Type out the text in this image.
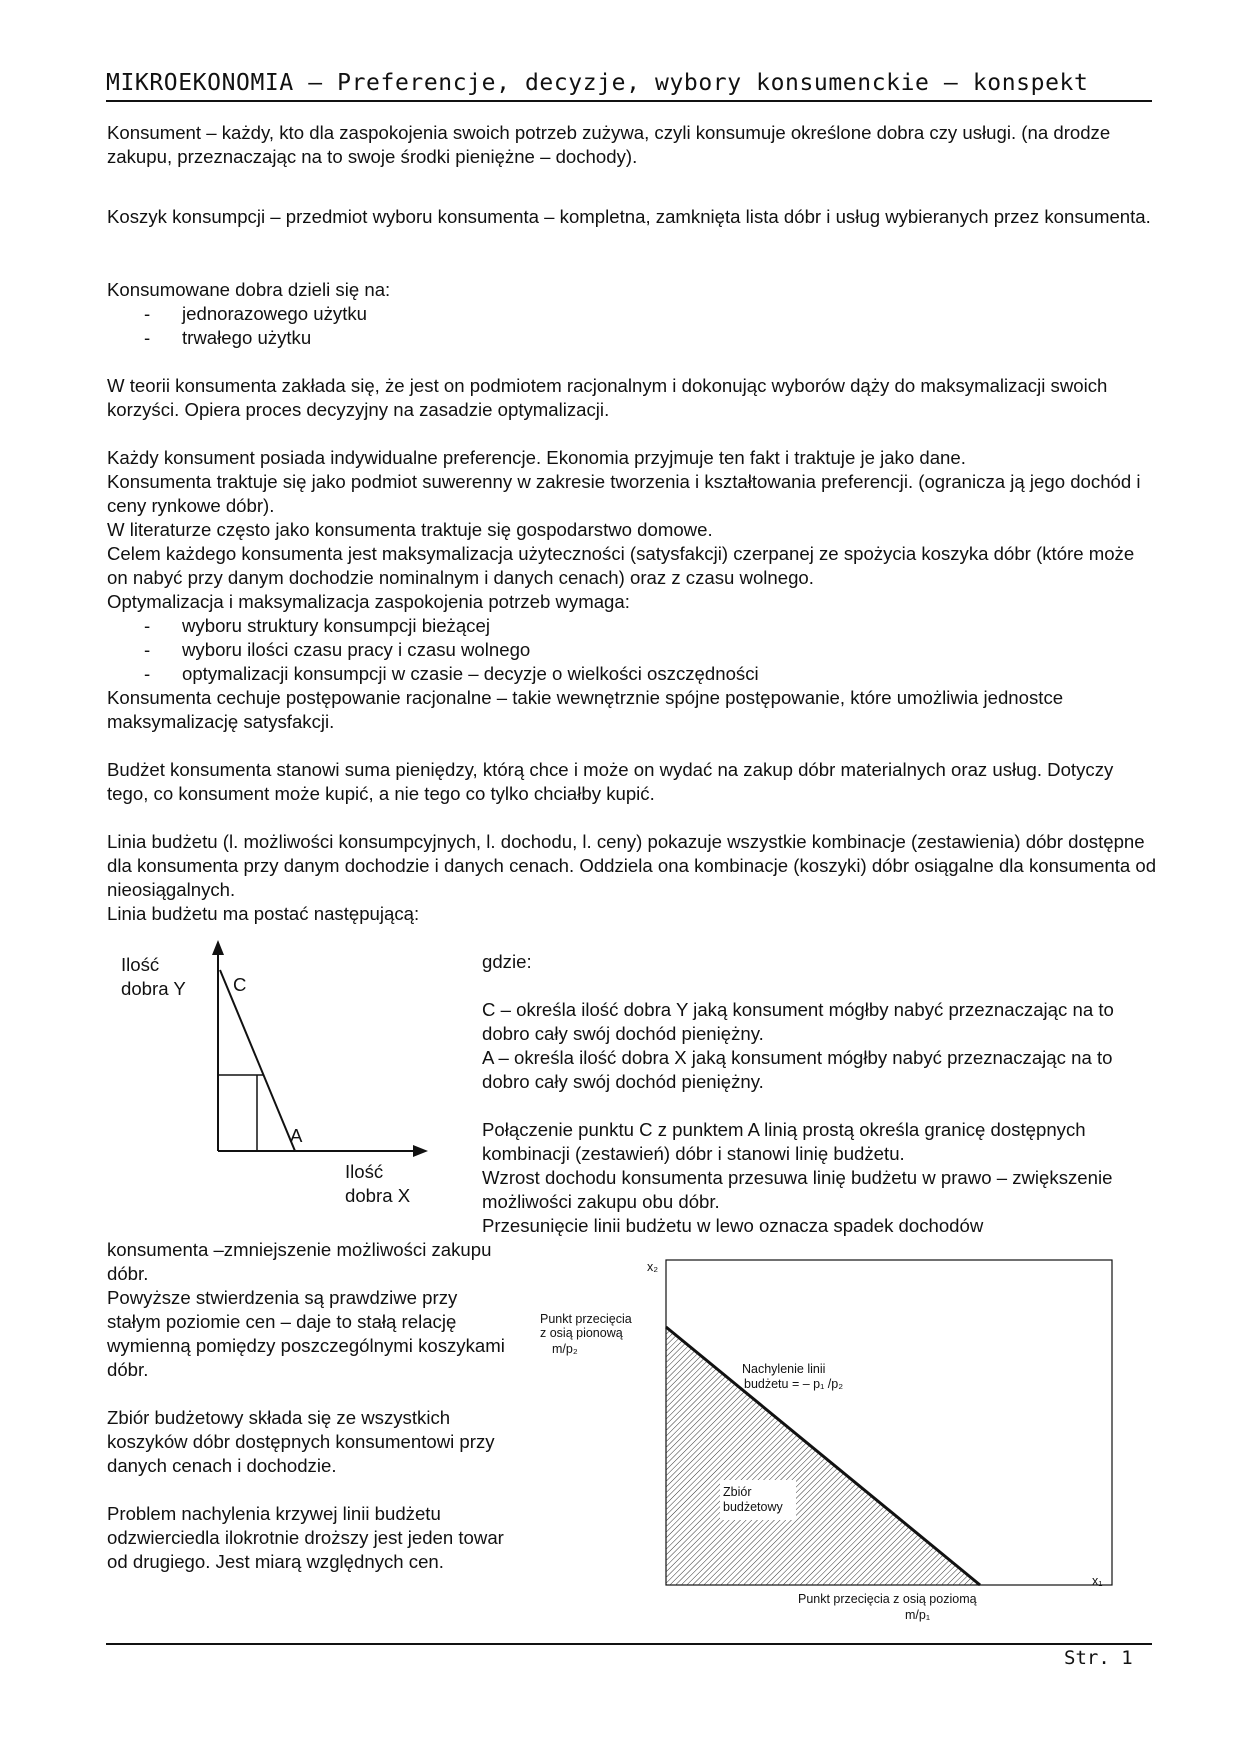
MIKROEKONOMIA – Preferencje, decyzje, wybory konsumenckie – konspekt

Konsument – każdy, kto dla zaspokojenia swoich potrzeb zużywa, czyli konsumuje określone dobra czy usługi. (na drodze zakupu, przeznaczając na to swoje środki pieniężne – dochody).

Koszyk konsumpcji – przedmiot wyboru konsumenta – kompletna, zamknięta lista dóbr i usług wybieranych przez konsumenta.

Konsumowane dobra dzieli się na:
- jednorazowego użytku
- trwałego użytku

W teorii konsumenta zakłada się, że jest on podmiotem racjonalnym i dokonując wyborów dąży do maksymalizacji swoich korzyści. Opiera proces decyzyjny na zasadzie optymalizacji.

Każdy konsument posiada indywidualne preferencje. Ekonomia przyjmuje ten fakt i traktuje je jako dane.
Konsumenta traktuje się jako podmiot suwerenny w zakresie tworzenia i kształtowania preferencji. (ogranicza ją jego dochód i ceny rynkowe dóbr).
W literaturze często jako konsumenta traktuje się gospodarstwo domowe.
Celem każdego konsumenta jest maksymalizacja użyteczności (satysfakcji) czerpanej ze spożycia koszyka dóbr (które może on nabyć przy danym dochodzie nominalnym i danych cenach) oraz z czasu wolnego.
Optymalizacja i maksymalizacja zaspokojenia potrzeb wymaga:
- wyboru struktury konsumpcji bieżącej
- wyboru ilości czasu pracy i czasu wolnego
- optymalizacji konsumpcji w czasie – decyzje o wielkości oszczędności
Konsumenta cechuje postępowanie racjonalne – takie wewnętrznie spójne postępowanie, które umożliwia jednostce maksymalizację satysfakcji.

Budżet konsumenta stanowi suma pieniędzy, którą chce i może on wydać na zakup dóbr materialnych oraz usług. Dotyczy tego, co konsument może kupić, a nie tego co tylko chciałby kupić.

Linia budżetu (l. możliwości konsumpcyjnych, l. dochodu, l. ceny) pokazuje wszystkie kombinacje (zestawienia) dóbr dostępne dla konsumenta przy danym dochodzie i danych cenach. Oddziela ona kombinacje (koszyki) dóbr osiągalne dla konsumenta od nieosiągalnych.

Linia budżetu ma postać następującą:

Ilość
dobra Y
Ilość
dobra X
C
A
gdzie:
C – określa ilość dobra Y jaką konsument mógłby nabyć przeznaczając na to dobro cały swój dochód pieniężny.
A – określa ilość dobra X jaką konsument mógłby nabyć przeznaczając na to dobro cały swój dochód pieniężny.
Połączenie punktu C z punktem A linią prostą określa granicę dostępnych kombinacji (zestawień) dóbr i stanowi linię budżetu.
Wzrost dochodu konsumenta przesuwa linię budżetu w prawo – zwiększenie możliwości zakupu obu dóbr.
Przesunięcie linii budżetu w lewo oznacza spadek dochodów
konsumenta –zmniejszenie możliwości zakupu dóbr.
Powyższe stwierdzenia są prawdziwe przy stałym poziomie cen – daje to stałą relację wymienną pomiędzy poszczególnymi koszykami dóbr.
Zbiór budżetowy składa się ze wszystkich koszyków dóbr dostępnych konsumentowi przy danych cenach i dochodzie.
Problem nachylenia krzywej linii budżetu odzwierciedla ilokrotnie droższy jest jeden towar od drugiego. Jest miarą względnych cen.
x₂
x₁
Punkt przecięcia
z osią pionową
m/p₂
Nachylenie linii
budżetu = – p₁ /p₂
Zbiór
budżetowy
Punkt przecięcia z osią poziomą
m/p₁
Str. 1
